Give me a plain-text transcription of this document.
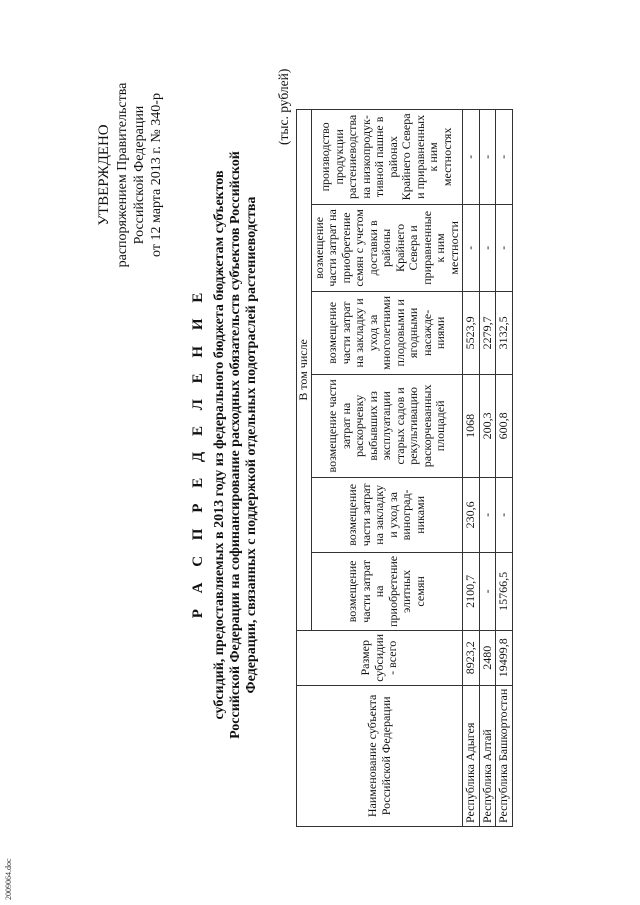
УТВЕРЖДЕНО распоряжением Правительства Российской Федерации от 12 марта 2013 г. № 340-р
Р А С П Р Е Д Е Л Е Н И Е субсидий, предоставляемых в 2013 году из федерального бюджета бюджетам субъектов Российской Федерации на софинансирование расходных обязательств субъектов Российской Федерации, связанных с поддержкой отдельных подотраслей растениеводства
(тыс. рублей)
Наименование субъекта Российской Федерации	Размер субсидии - всего	В том числе					
		возмещение части затрат на приобретение элитных семян	возмещение части затрат на закладку и уход за виноград-никами	возмещение части затрат на раскорчевку выбывших из эксплуатации старых садов и рекультивацию раскорчеванных площадей	возмещение части затрат на закладку и уход за многолетними плодовыми и ягодными насажде-ниями	возмещение части затрат на приобретение семян с учетом доставки в районы Крайнего Севера и приравненные к ним местности	производство продукции растениеводства на низкопродук-тивной пашне в районах Крайнего Севера и приравненных к ним местностях
Республика Адыгея	8923,2	2100,7	230,6	1068	5523,9	-	-
Республика Алтай	2480	-	-	200,3	2279,7	-	-
Республика Башкортостан	19499,8	15766,5	-	600,8	3132,5	-	-
2009064.doc
